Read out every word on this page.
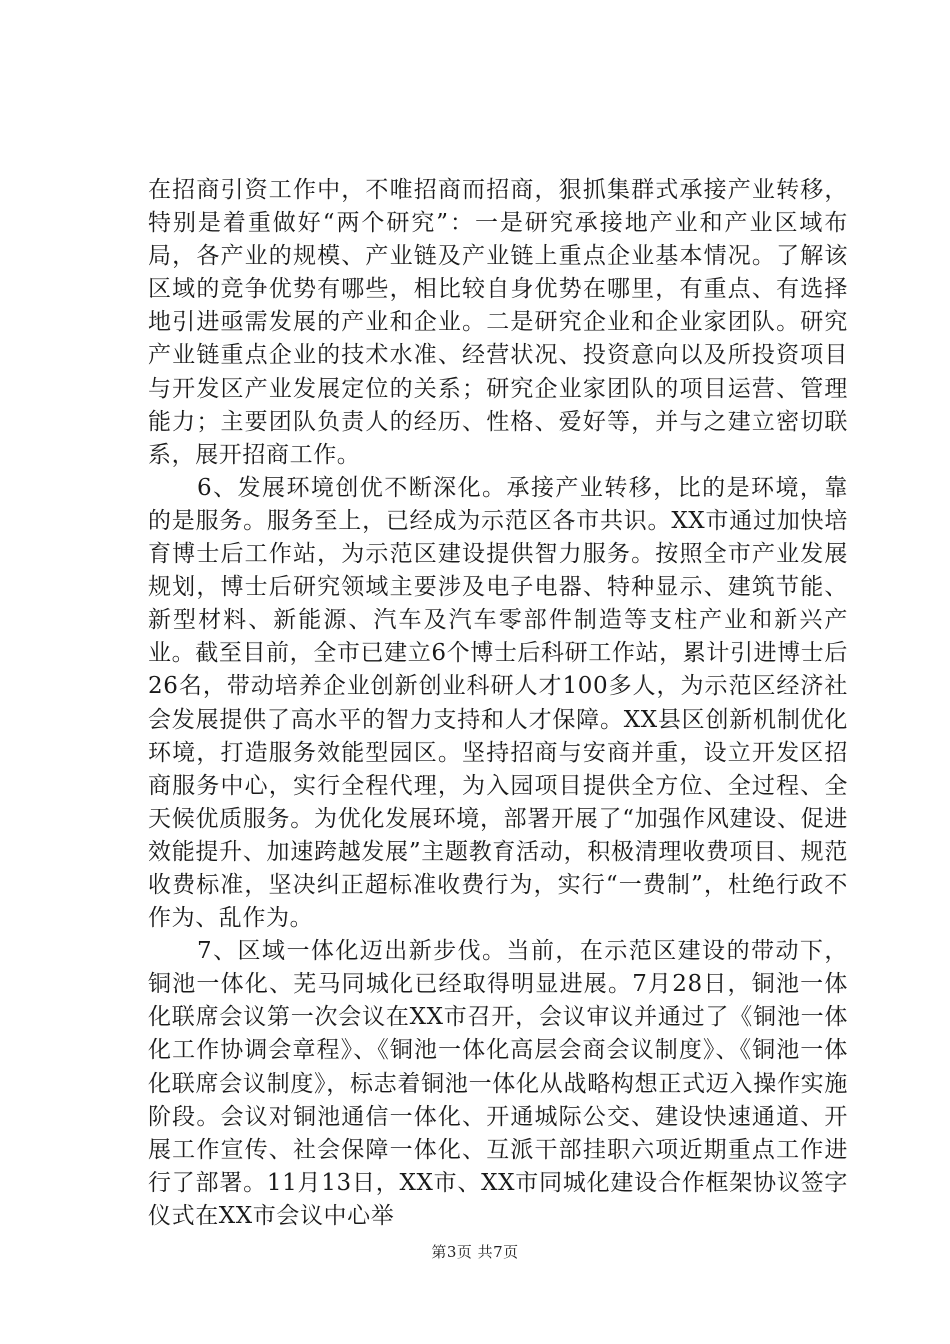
在招商引资工作中，不唯招商而招商，狠抓集群式承接产业转移，特别是着重做好“两个研究”：一是研究承接地产业和产业区域布局，各产业的规模、产业链及产业链上重点企业基本情况。了解该区域的竞争优势有哪些，相比较自身优势在哪里，有重点、有选择地引进亟需发展的产业和企业。二是研究企业和企业家团队。研究产业链重点企业的技术水准、经营状况、投资意向以及所投资项目与开发区产业发展定位的关系；研究企业家团队的项目运营、管理能力；主要团队负责人的经历、性格、爱好等，并与之建立密切联系，展开招商工作。

6、发展环境创优不断深化。承接产业转移，比的是环境，靠的是服务。服务至上，已经成为示范区各市共识。XX市通过加快培育博士后工作站，为示范区建设提供智力服务。按照全市产业发展规划，博士后研究领域主要涉及电子电器、特种显示、建筑节能、新型材料、新能源、汽车及汽车零部件制造等支柱产业和新兴产业。截至目前，全市已建立6个博士后科研工作站，累计引进博士后26名，带动培养企业创新创业科研人才100多人，为示范区经济社会发展提供了高水平的智力支持和人才保障。XX县区创新机制优化环境，打造服务效能型园区。坚持招商与安商并重，设立开发区招商服务中心，实行全程代理，为入园项目提供全方位、全过程、全天候优质服务。为优化发展环境，部署开展了“加强作风建设、促进效能提升、加速跨越发展”主题教育活动，积极清理收费项目、规范收费标准，坚决纠正超标准收费行为，实行“一费制”，杜绝行政不作为、乱作为。

7、区域一体化迈出新步伐。当前，在示范区建设的带动下，铜池一体化、芜马同城化已经取得明显进展。7月28日，铜池一体化联席会议第一次会议在XX市召开，会议审议并通过了《铜池一体化工作协调会章程》、《铜池一体化高层会商会议制度》、《铜池一体化联席会议制度》，标志着铜池一体化从战略构想正式迈入操作实施阶段。会议对铜池通信一体化、开通城际公交、建设快速通道、开展工作宣传、社会保障一体化、互派干部挂职六项近期重点工作进行了部署。11月13日，XX市、XX市同城化建设合作框架协议签字仪式在XX市会议中心举

第3页 共7页
